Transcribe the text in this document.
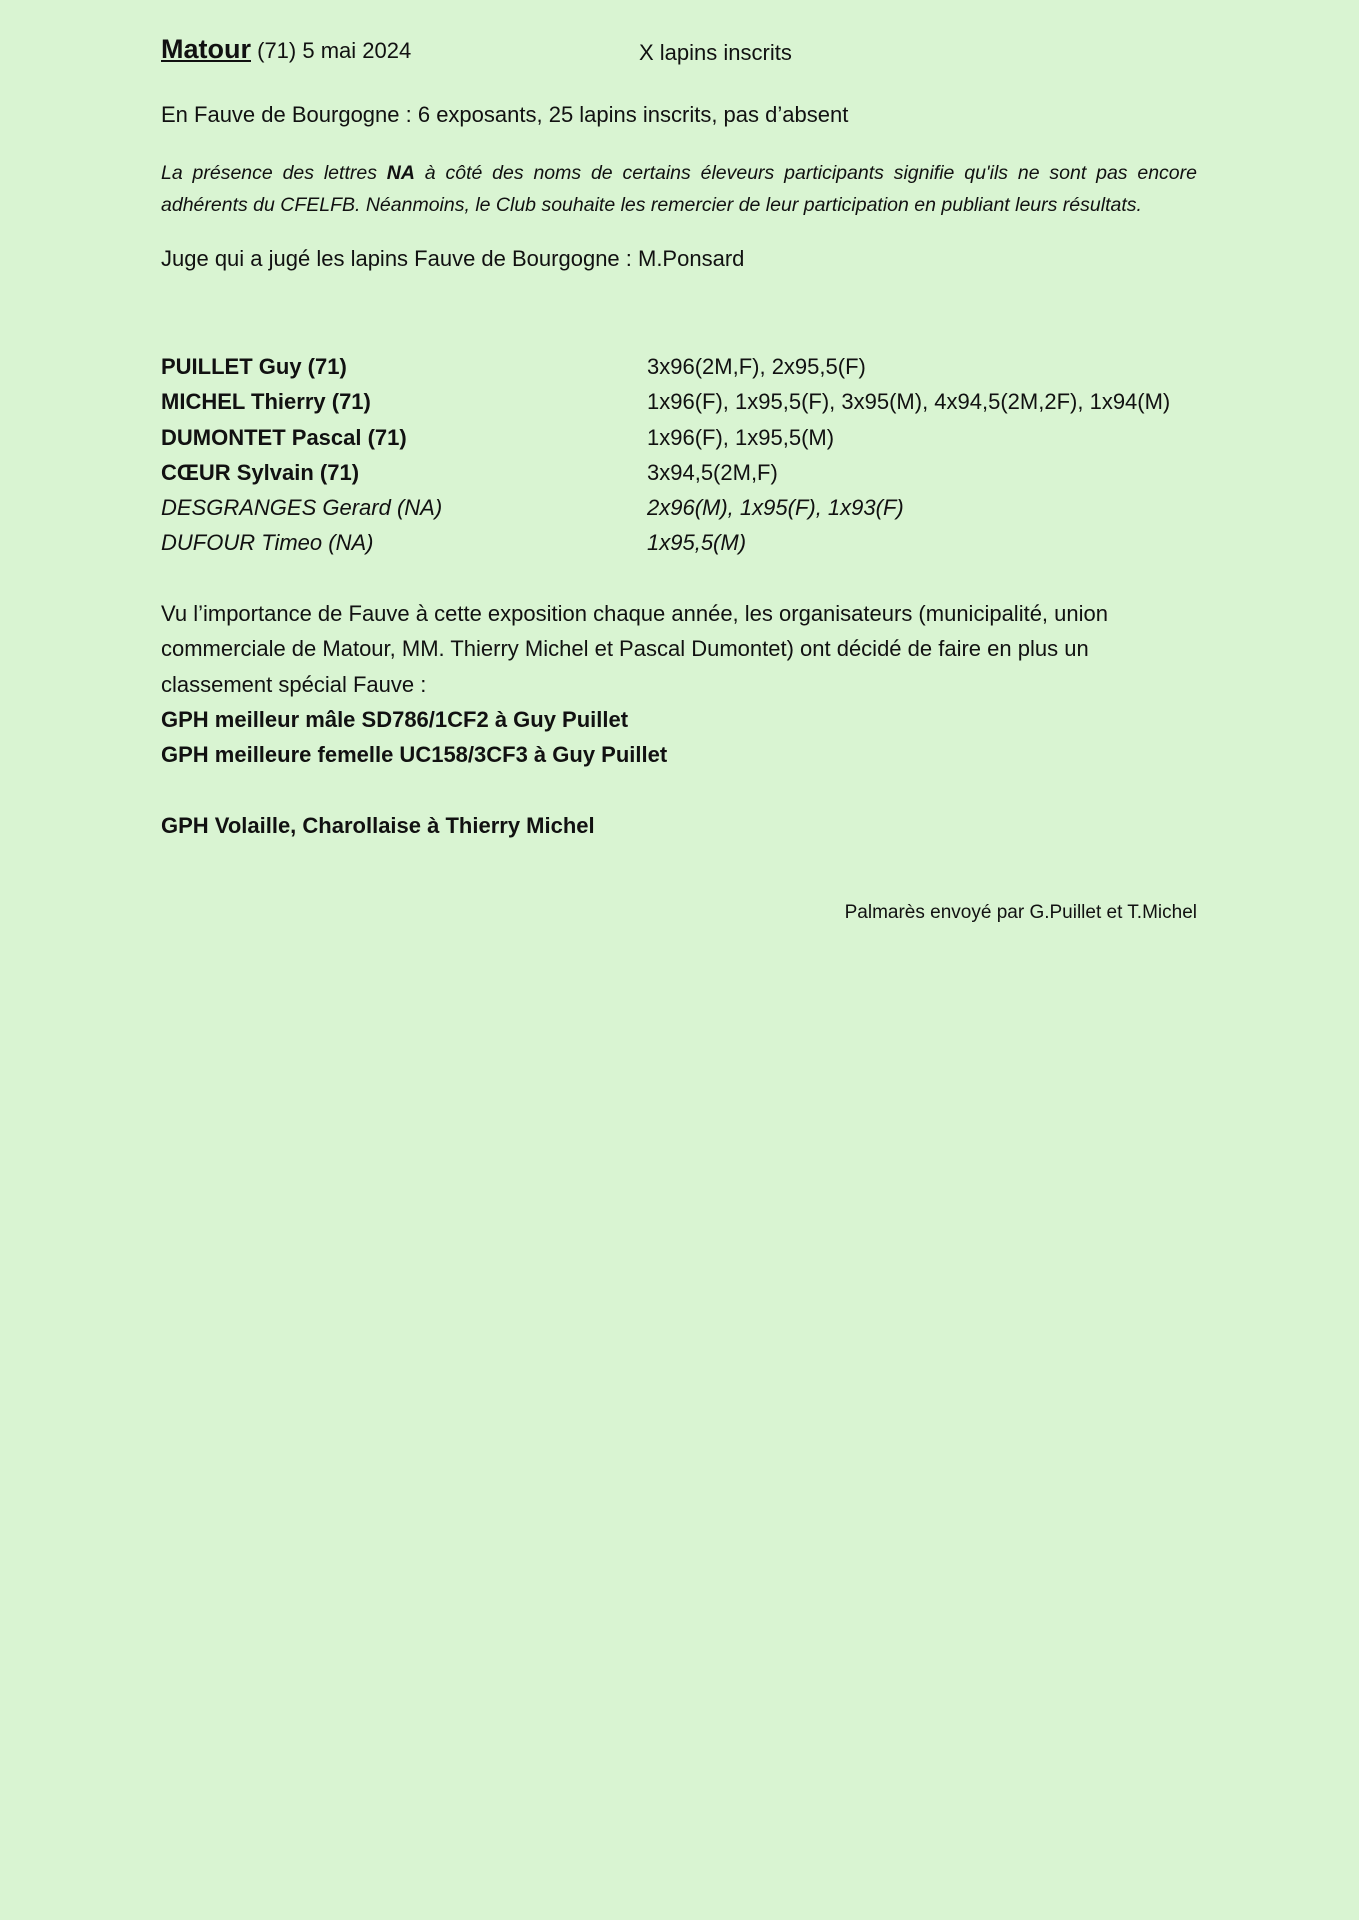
Matour (71) 5 mai 2024	X lapins inscrits
En Fauve de Bourgogne : 6 exposants, 25 lapins inscrits, pas d’absent
La présence des lettres NA à côté des noms de certains éleveurs participants signifie qu'ils ne sont pas encore adhérents du CFELFB. Néanmoins, le Club souhaite les remercier de leur participation en publiant leurs résultats.
Juge qui a jugé les lapins Fauve de Bourgogne : M.Ponsard
PUILLET Guy (71)	3x96(2M,F), 2x95,5(F)
MICHEL Thierry (71)	1x96(F), 1x95,5(F), 3x95(M), 4x94,5(2M,2F), 1x94(M)
DUMONTET Pascal (71)	1x96(F), 1x95,5(M)
CŒUR Sylvain (71)	3x94,5(2M,F)
DESGRANGES Gerard (NA)	2x96(M), 1x95(F), 1x93(F)
DUFOUR Timeo (NA)	1x95,5(M)
Vu l’importance de Fauve à cette exposition chaque année, les organisateurs (municipalité, union commerciale de Matour, MM. Thierry Michel et Pascal Dumontet) ont décidé de faire en plus un classement spécial Fauve :
GPH meilleur mâle SD786/1CF2 à Guy Puillet
GPH meilleure femelle UC158/3CF3 à Guy Puillet
GPH Volaille, Charollaise à Thierry Michel
Palmarès envoyé par G.Puillet et T.Michel
